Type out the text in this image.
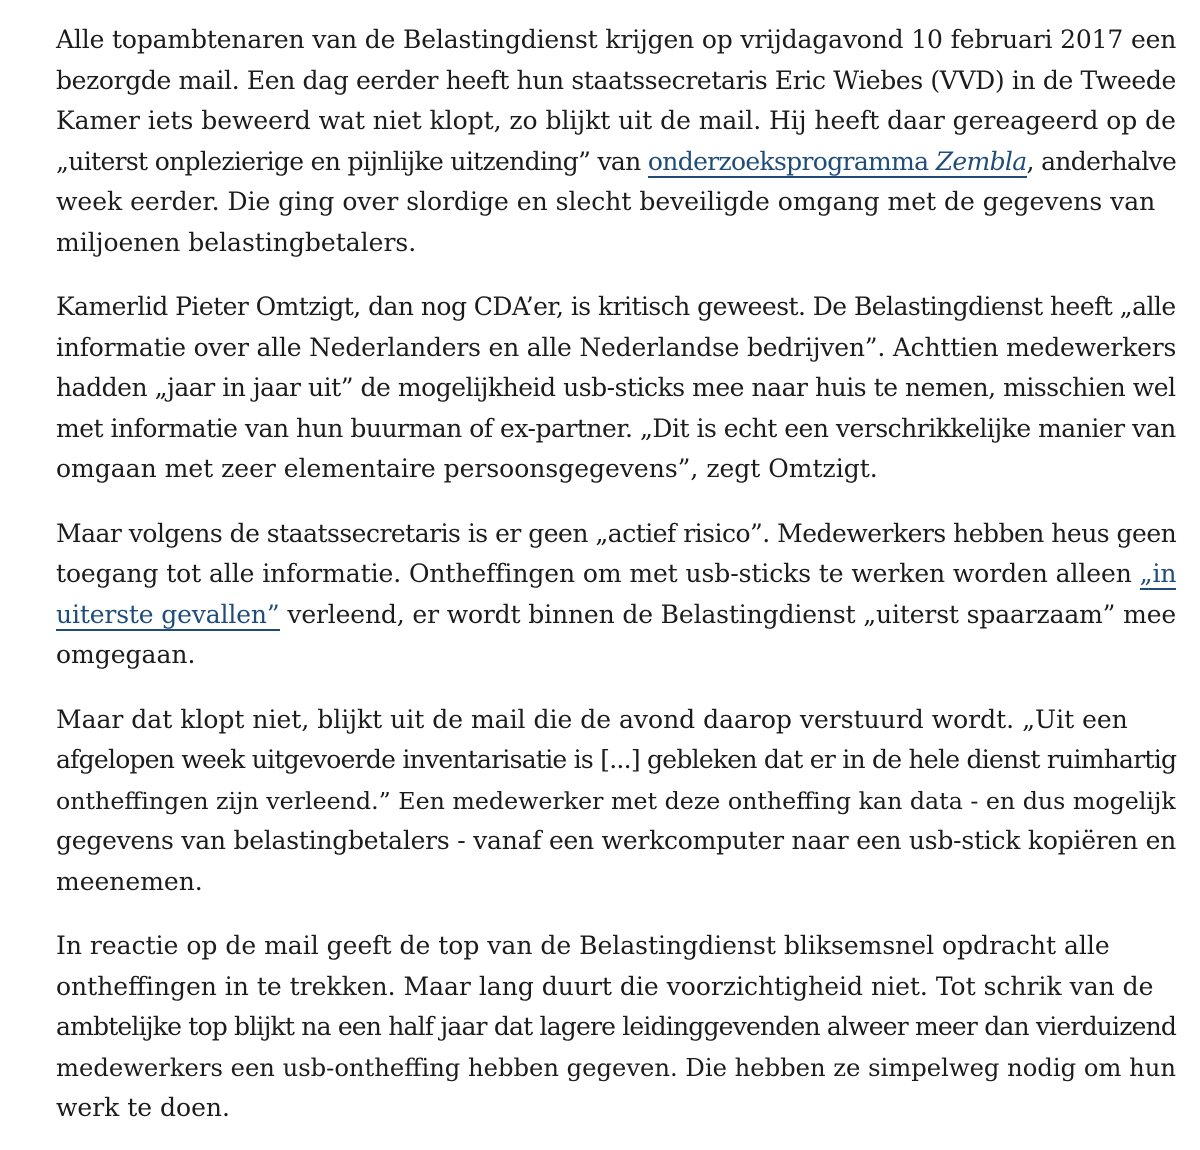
Alle topambtenaren van de Belastingdienst krijgen op vrijdagavond 10 februari 2017 een
bezorgde mail. Een dag eerder heeft hun staatssecretaris Eric Wiebes (VVD) in de Tweede
Kamer iets beweerd wat niet klopt, zo blijkt uit de mail. Hij heeft daar gereageerd op de
„uiterst onplezierige en pijnlijke uitzending” van onderzoeksprogramma Zembla, anderhalve
week eerder. Die ging over slordige en slecht beveiligde omgang met de gegevens van
miljoenen belastingbetalers.

Kamerlid Pieter Omtzigt, dan nog CDA’er, is kritisch geweest. De Belastingdienst heeft „alle
informatie over alle Nederlanders en alle Nederlandse bedrijven”. Achttien medewerkers
hadden „jaar in jaar uit” de mogelijkheid usb-sticks mee naar huis te nemen, misschien wel
met informatie van hun buurman of ex-partner. „Dit is echt een verschrikkelijke manier van
omgaan met zeer elementaire persoonsgegevens”, zegt Omtzigt.

Maar volgens de staatssecretaris is er geen „actief risico”. Medewerkers hebben heus geen
toegang tot alle informatie. Ontheffingen om met usb-sticks te werken worden alleen „in
uiterste gevallen” verleend, er wordt binnen de Belastingdienst „uiterst spaarzaam” mee
omgegaan.

Maar dat klopt niet, blijkt uit de mail die de avond daarop verstuurd wordt. „Uit een
afgelopen week uitgevoerde inventarisatie is [...] gebleken dat er in de hele dienst ruimhartig
ontheffingen zijn verleend.” Een medewerker met deze ontheffing kan data - en dus mogelijk
gegevens van belastingbetalers - vanaf een werkcomputer naar een usb-stick kopiëren en
meenemen.

In reactie op de mail geeft de top van de Belastingdienst bliksemsnel opdracht alle
ontheffingen in te trekken. Maar lang duurt die voorzichtigheid niet. Tot schrik van de
ambtelijke top blijkt na een half jaar dat lagere leidinggevenden alweer meer dan vierduizend
medewerkers een usb-ontheffing hebben gegeven. Die hebben ze simpelweg nodig om hun
werk te doen.
